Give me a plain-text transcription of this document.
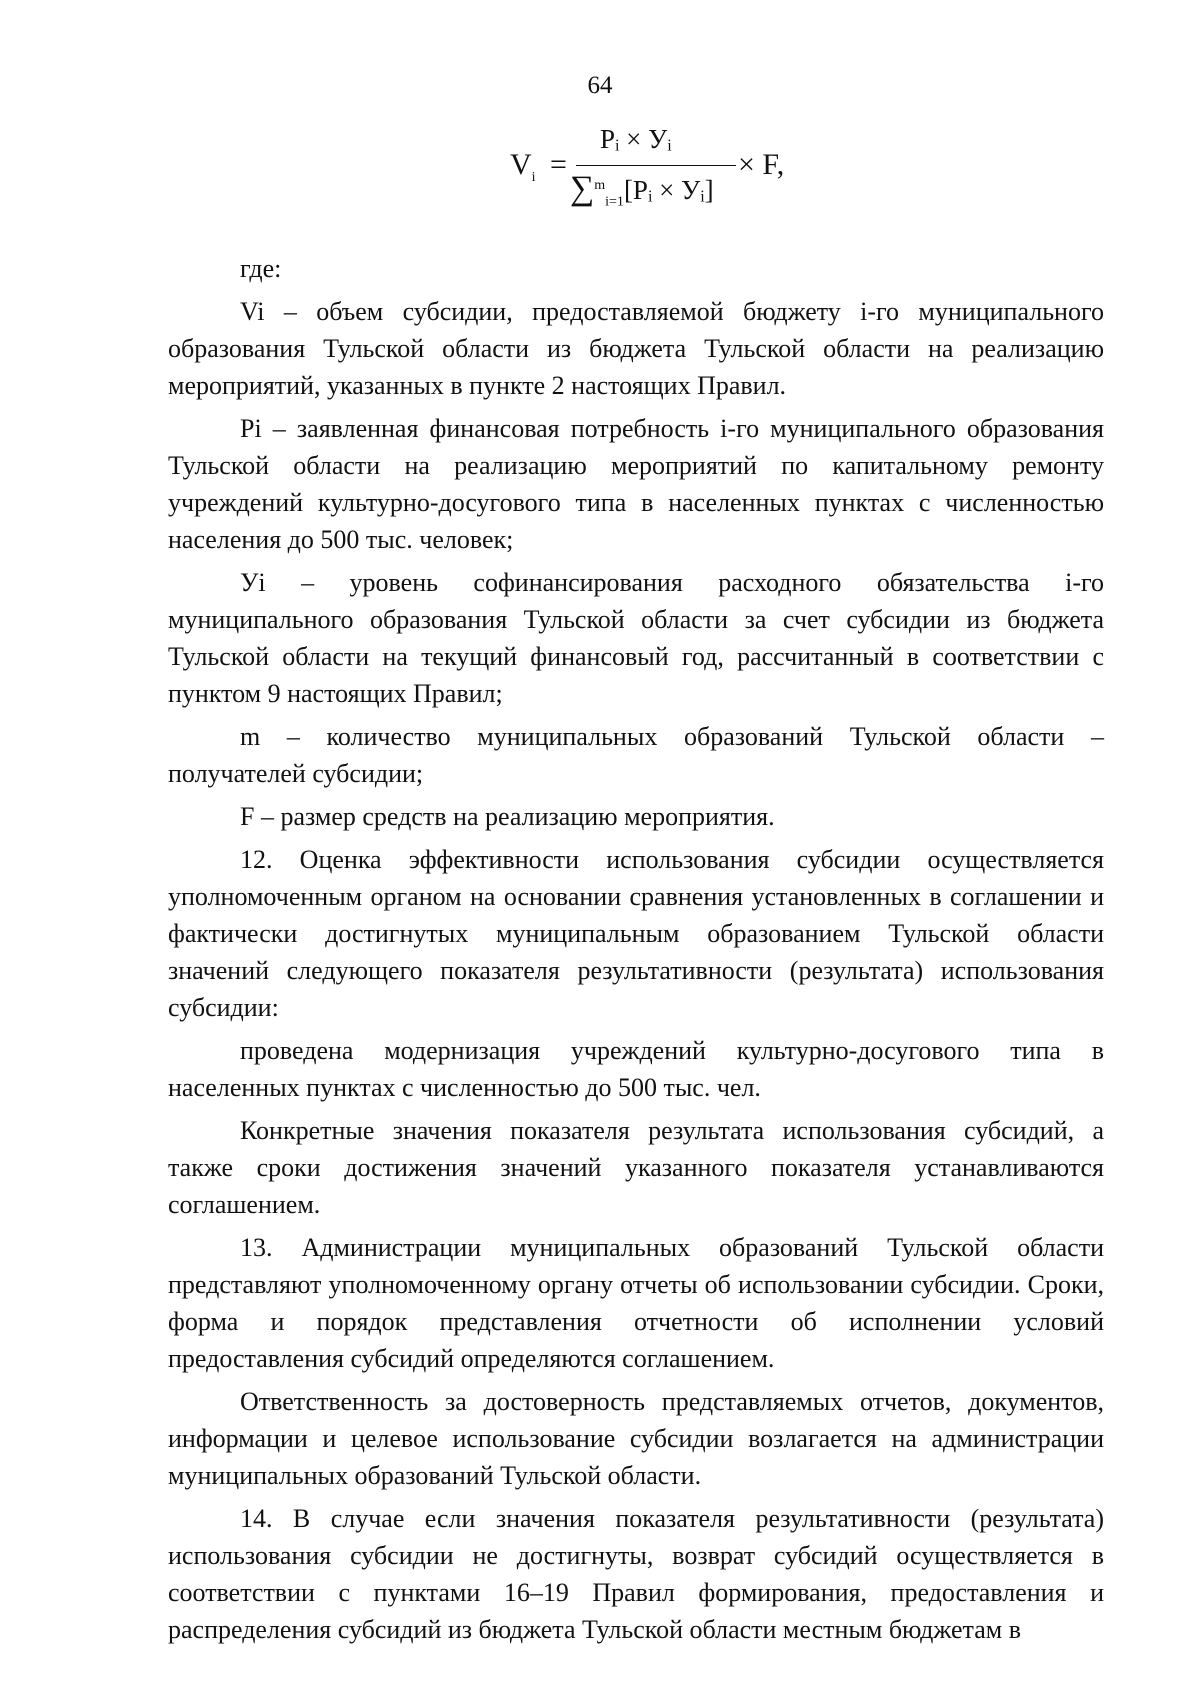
64
$V_i$ =
Pᵢ × Уᵢ
∑$^m_{i=1}$[Pᵢ × Уᵢ]
× F,

где:

Vi – объем субсидии, предоставляемой бюджету i-го муниципального образования Тульской области из бюджета Тульской области на реализацию мероприятий, указанных в пункте 2 настоящих Правил.

Pi – заявленная финансовая потребность i-го муниципального образования Тульской области на реализацию мероприятий по капитальному ремонту учреждений культурно-досугового типа в населенных пунктах с численностью населения до 500 тыс. человек;

Уi – уровень софинансирования расходного обязательства i-го муниципального образования Тульской области за счет субсидии из бюджета Тульской области на текущий финансовый год, рассчитанный в соответствии с пунктом 9 настоящих Правил;

m – количество муниципальных образований Тульской области – получателей субсидии;

F – размер средств на реализацию мероприятия.

12. Оценка эффективности использования субсидии осуществляется уполномоченным органом на основании сравнения установленных в соглашении и фактически достигнутых муниципальным образованием Тульской области значений следующего показателя результативности (результата) использования субсидии:

проведена модернизация учреждений культурно-досугового типа в населенных пунктах с численностью до 500 тыс. чел.

Конкретные значения показателя результата использования субсидий, а также сроки достижения значений указанного показателя устанавливаются соглашением.

13. Администрации муниципальных образований Тульской области представляют уполномоченному органу отчеты об использовании субсидии. Сроки, форма и порядок представления отчетности об исполнении условий предоставления субсидий определяются соглашением.

Ответственность за достоверность представляемых отчетов, документов, информации и целевое использование субсидии возлагается на администрации муниципальных образований Тульской области.

14. В случае если значения показателя результативности (результата) использования субсидии не достигнуты, возврат субсидий осуществляется в соответствии с пунктами 16–19 Правил формирования, предоставления и распределения субсидий из бюджета Тульской области местным бюджетам в
